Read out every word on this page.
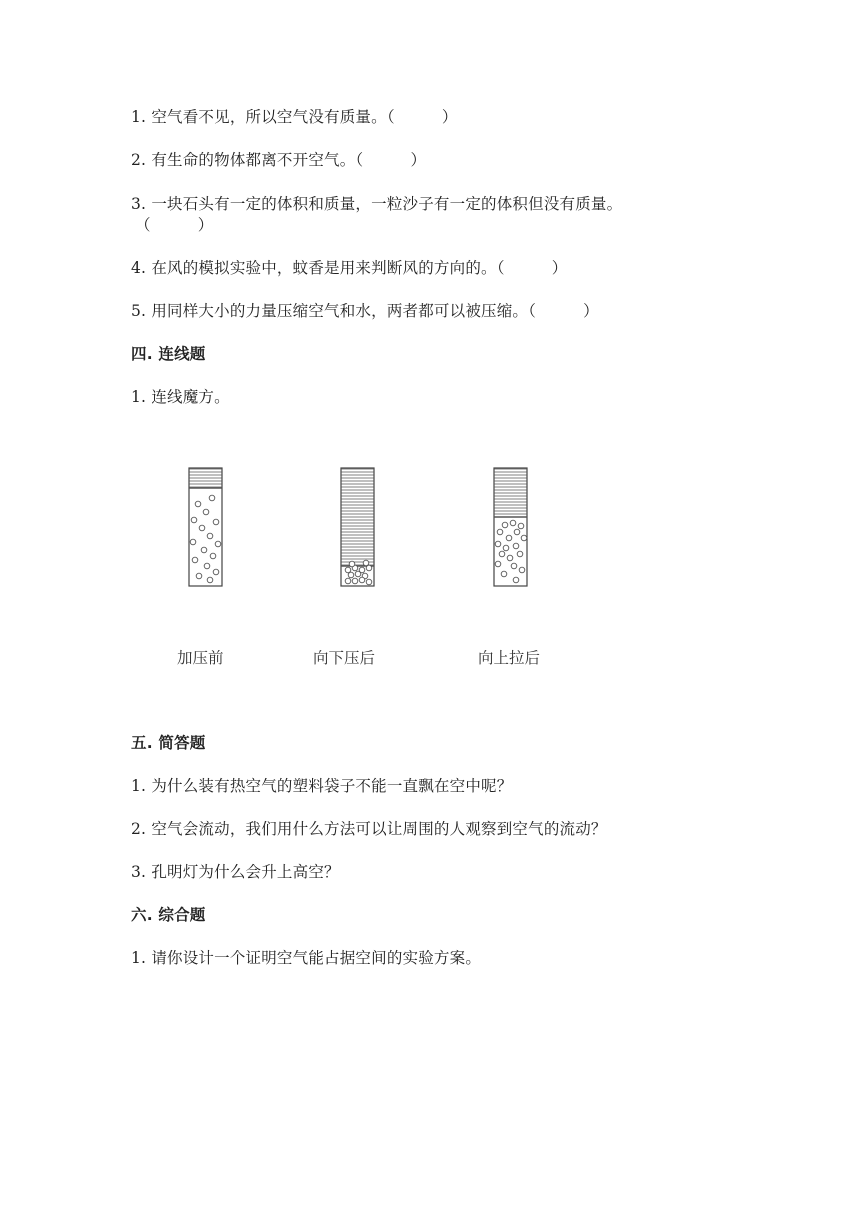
1. 空气看不见，所以空气没有质量。（　　　）
2. 有生命的物体都离不开空气。（　　　）
3. 一块石头有一定的体积和质量，一粒沙子有一定的体积但没有质量。
（　　　）
4. 在风的模拟实验中，蚊香是用来判断风的方向的。（　　　）
5. 用同样大小的力量压缩空气和水，两者都可以被压缩。（　　　）
四. 连线题
1. 连线魔方。
加压前	向下压后	向上拉后
五. 简答题
1. 为什么装有热空气的塑料袋子不能一直飘在空中呢？
2. 空气会流动，我们用什么方法可以让周围的人观察到空气的流动？
3. 孔明灯为什么会升上高空？
六. 综合题
1. 请你设计一个证明空气能占据空间的实验方案。
